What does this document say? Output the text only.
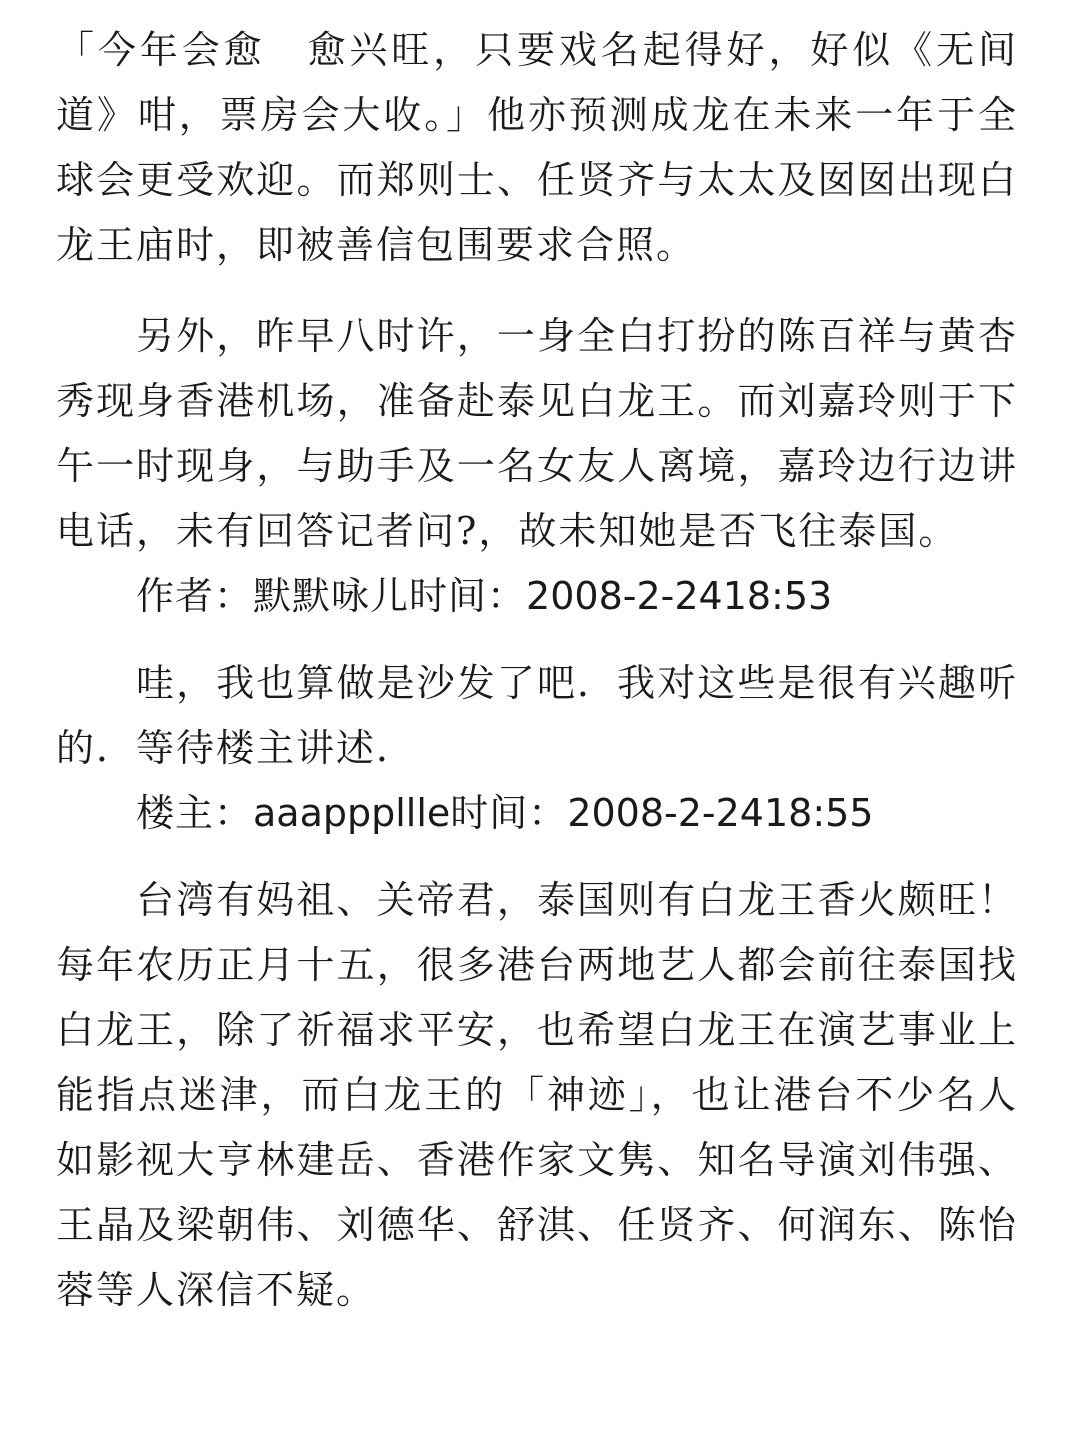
「今年会愈　愈兴旺，只要戏名起得好，好似《无间道》咁，票房会大收。」他亦预测成龙在未来一年于全球会更受欢迎。而郑则士、任贤齐与太太及囡囡出现白龙王庙时，即被善信包围要求合照。

另外，昨早八时许，一身全白打扮的陈百祥与黄杏秀现身香港机场，准备赴泰见白龙王。而刘嘉玲则于下午一时现身，与助手及一名女友人离境，嘉玲边行边讲电话，未有回答记者问?，故未知她是否飞往泰国。

作者：默默咏儿时间：2008-2-2418:53

哇，我也算做是沙发了吧．我对这些是很有兴趣听的．等待楼主讲述．

楼主：aaapppllle时间：2008-2-2418:55

台湾有妈祖、关帝君，泰国则有白龙王香火颇旺！每年农历正月十五，很多港台两地艺人都会前往泰国找白龙王，除了祈福求平安，也希望白龙王在演艺事业上能指点迷津，而白龙王的「神迹」，也让港台不少名人如影视大亨林建岳、香港作家文隽、知名导演刘伟强、王晶及梁朝伟、刘德华、舒淇、任贤齐、何润东、陈怡蓉等人深信不疑。
